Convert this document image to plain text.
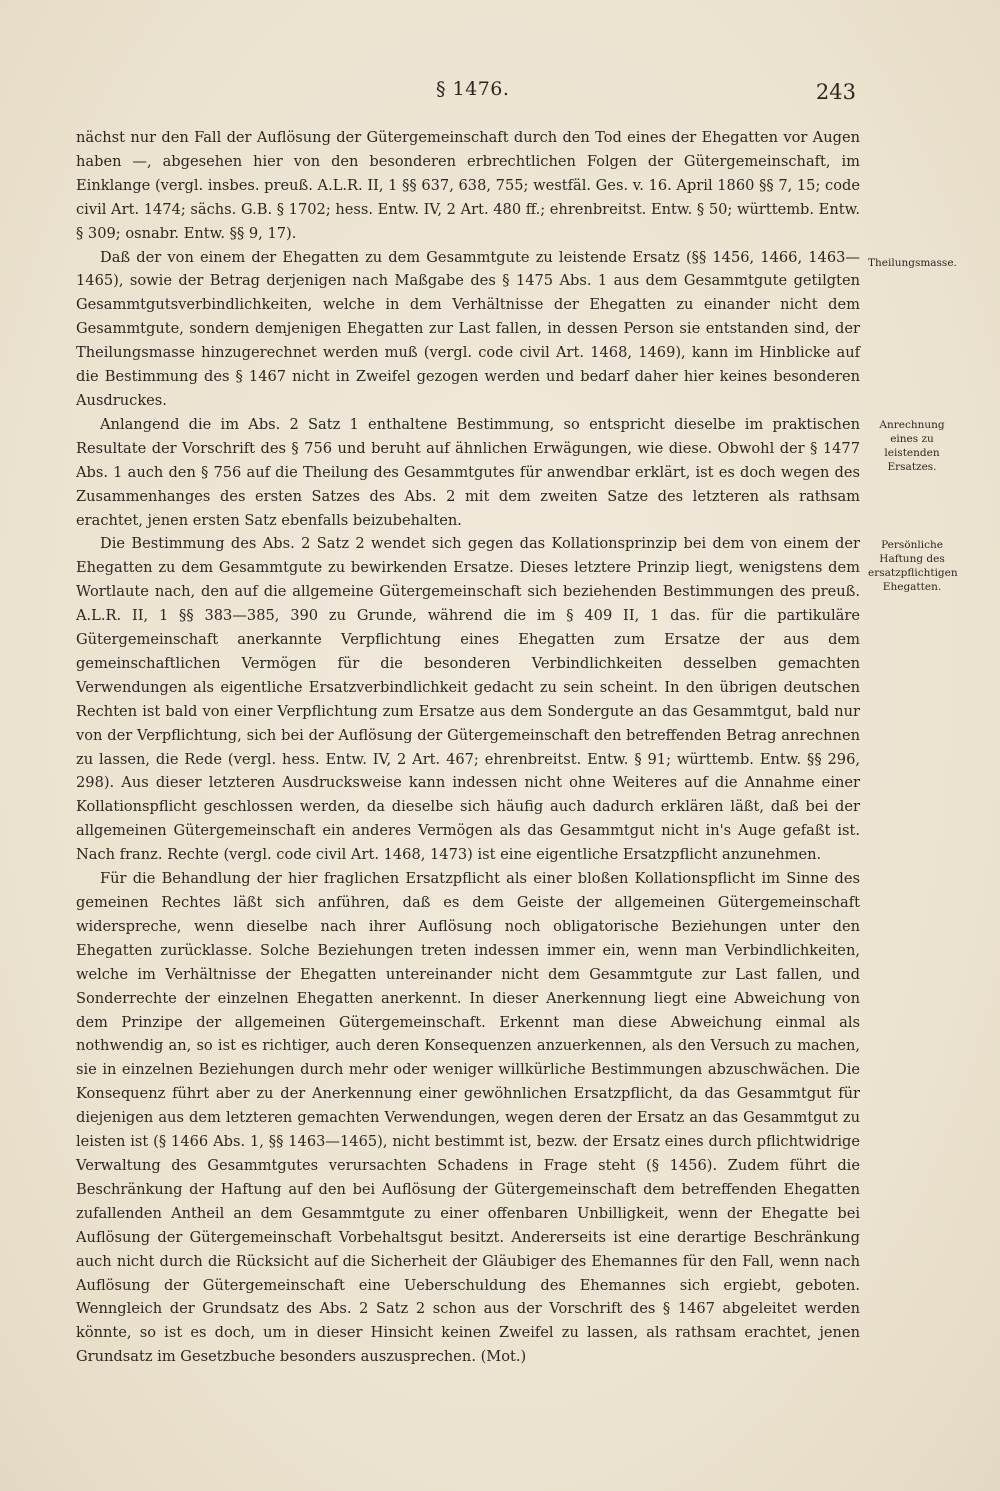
§ 1476.	243

nächst nur den Fall der Auflösung der Gütergemeinschaft durch den Tod eines der Ehegatten vor Augen haben —, abgesehen hier von den besonderen erbrechtlichen Folgen der Gütergemeinschaft, im Einklange (vergl. insbes. preuß. A.L.R. II, 1 §§ 637, 638, 755; westfäl. Ges. v. 16. April 1860 §§ 7, 15; code civil Art. 1474; sächs. G.B. § 1702; hess. Entw. IV, 2 Art. 480 ff.; ehrenbreitst. Entw. § 50; württemb. Entw. § 309; osnabr. Entw. §§ 9, 17).

Daß der von einem der Ehegatten zu dem Gesammtgute zu leistende Ersatz (§§ 1456, 1466, 1463—1465), sowie der Betrag derjenigen nach Maßgabe des § 1475 Abs. 1 aus dem Gesammtgute getilgten Gesammtgutsverbindlichkeiten, welche in dem Verhältnisse der Ehegatten zu einander nicht dem Gesammtgute, sondern demjenigen Ehegatten zur Last fallen, in dessen Person sie entstanden sind, der Theilungsmasse hinzugerechnet werden muß (vergl. code civil Art. 1468, 1469), kann im Hinblicke auf die Bestimmung des § 1467 nicht in Zweifel gezogen werden und bedarf daher hier keines besonderen Ausdruckes.

Anlangend die im Abs. 2 Satz 1 enthaltene Bestimmung, so entspricht dieselbe im praktischen Resultate der Vorschrift des § 756 und beruht auf ähnlichen Erwägungen, wie diese. Obwohl der § 1477 Abs. 1 auch den § 756 auf die Theilung des Gesammtgutes für anwendbar erklärt, ist es doch wegen des Zusammenhanges des ersten Satzes des Abs. 2 mit dem zweiten Satze des letzteren als rathsam erachtet, jenen ersten Satz ebenfalls beizubehalten.

Die Bestimmung des Abs. 2 Satz 2 wendet sich gegen das Kollationsprinzip bei dem von einem der Ehegatten zu dem Gesammtgute zu bewirkenden Ersatze. Dieses letztere Prinzip liegt, wenigstens dem Wortlaute nach, den auf die allgemeine Gütergemeinschaft sich beziehenden Bestimmungen des preuß. A.L.R. II, 1 §§ 383—385, 390 zu Grunde, während die im § 409 II, 1 das. für die partikuläre Gütergemeinschaft anerkannte Verpflichtung eines Ehegatten zum Ersatze der aus dem gemeinschaftlichen Vermögen für die besonderen Verbindlichkeiten desselben gemachten Verwendungen als eigentliche Ersatzverbindlichkeit gedacht zu sein scheint. In den übrigen deutschen Rechten ist bald von einer Verpflichtung zum Ersatze aus dem Sondergute an das Gesammtgut, bald nur von der Verpflichtung, sich bei der Auflösung der Gütergemeinschaft den betreffenden Betrag anrechnen zu lassen, die Rede (vergl. hess. Entw. IV, 2 Art. 467; ehrenbreitst. Entw. § 91; württemb. Entw. §§ 296, 298). Aus dieser letzteren Ausdrucksweise kann indessen nicht ohne Weiteres auf die Annahme einer Kollationspflicht geschlossen werden, da dieselbe sich häufig auch dadurch erklären läßt, daß bei der allgemeinen Gütergemeinschaft ein anderes Vermögen als das Gesammtgut nicht in's Auge gefaßt ist. Nach franz. Rechte (vergl. code civil Art. 1468, 1473) ist eine eigentliche Ersatzpflicht anzunehmen.

Für die Behandlung der hier fraglichen Ersatzpflicht als einer bloßen Kollationspflicht im Sinne des gemeinen Rechtes läßt sich anführen, daß es dem Geiste der allgemeinen Gütergemeinschaft widerspreche, wenn dieselbe nach ihrer Auflösung noch obligatorische Beziehungen unter den Ehegatten zurücklasse. Solche Beziehungen treten indessen immer ein, wenn man Verbindlichkeiten, welche im Verhältnisse der Ehegatten untereinander nicht dem Gesammtgute zur Last fallen, und Sonderrechte der einzelnen Ehegatten anerkennt. In dieser Anerkennung liegt eine Abweichung von dem Prinzipe der allgemeinen Gütergemeinschaft. Erkennt man diese Abweichung einmal als nothwendig an, so ist es richtiger, auch deren Konsequenzen anzuerkennen, als den Versuch zu machen, sie in einzelnen Beziehungen durch mehr oder weniger willkürliche Bestimmungen abzuschwächen. Die Konsequenz führt aber zu der Anerkennung einer gewöhnlichen Ersatzpflicht, da das Gesammtgut für diejenigen aus dem letzteren gemachten Verwendungen, wegen deren der Ersatz an das Gesammtgut zu leisten ist (§ 1466 Abs. 1, §§ 1463—1465), nicht bestimmt ist, bezw. der Ersatz eines durch pflichtwidrige Verwaltung des Gesammtgutes verursachten Schadens in Frage steht (§ 1456). Zudem führt die Beschränkung der Haftung auf den bei Auflösung der Gütergemeinschaft dem betreffenden Ehegatten zufallenden Antheil an dem Gesammtgute zu einer offenbaren Unbilligkeit, wenn der Ehegatte bei Auflösung der Gütergemeinschaft Vorbehaltsgut besitzt. Andererseits ist eine derartige Beschränkung auch nicht durch die Rücksicht auf die Sicherheit der Gläubiger des Ehemannes für den Fall, wenn nach Auflösung der Gütergemeinschaft eine Ueberschuldung des Ehemannes sich ergiebt, geboten. Wenngleich der Grundsatz des Abs. 2 Satz 2 schon aus der Vorschrift des § 1467 abgeleitet werden könnte, so ist es doch, um in dieser Hinsicht keinen Zweifel zu lassen, als rathsam erachtet, jenen Grundsatz im Gesetzbuche besonders auszusprechen. (Mot.)

Theilungsmasse.
Anrechnung eines zu leistenden Ersatzes.
Persönliche Haftung des ersatzpflichtigen Ehegatten.
